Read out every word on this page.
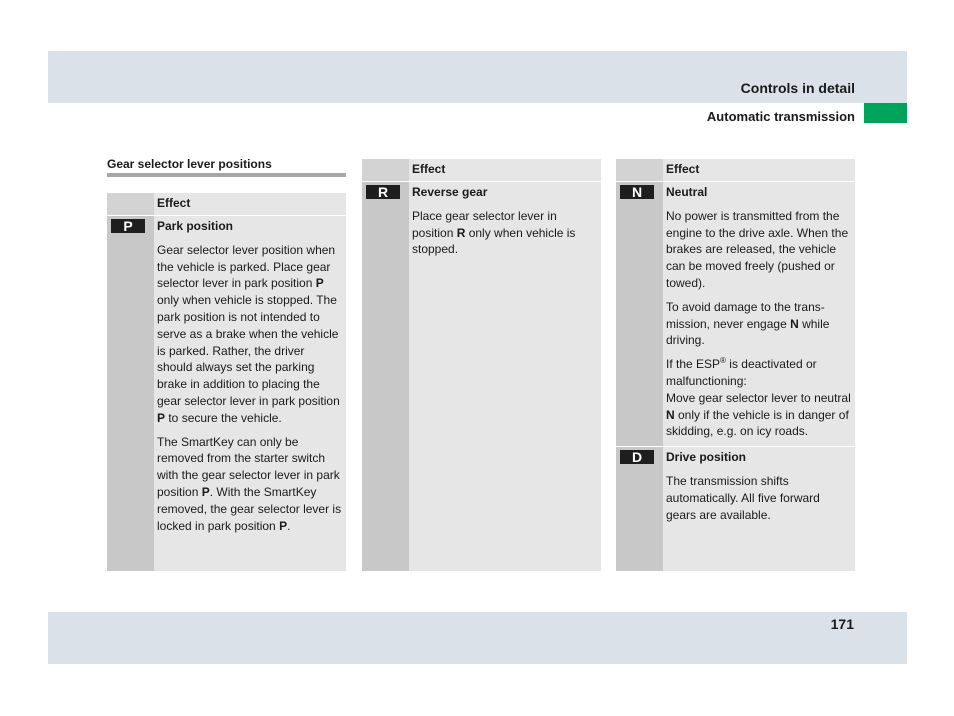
Controls in detail
Automatic transmission
Gear selector lever positions
Effect
P	Park position

Gear selector lever position when the vehicle is parked. Place gear selector lever in park position P only when vehicle is stopped. The park position is not intended to serve as a brake when the vehicle is parked. Rather, the driver should always set the parking brake in addition to placing the gear selector lever in park position P to secure the vehicle.

The SmartKey can only be removed from the starter switch with the gear selector lever in park position P. With the SmartKey removed, the gear selector lever is locked in park position P.

Effect
R	Reverse gear

Place gear selector lever in position R only when vehicle is stopped.

Effect
N	Neutral

No power is transmitted from the engine to the drive axle. When the brakes are released, the vehicle can be moved freely (pushed or towed).

To avoid damage to the trans-mission, never engage N while driving.

If the ESP® is deactivated or malfunctioning:
Move gear selector lever to neutral N only if the vehicle is in danger of skidding, e.g. on icy roads.

D	Drive position

The transmission shifts automatically. All five forward gears are available.

171
